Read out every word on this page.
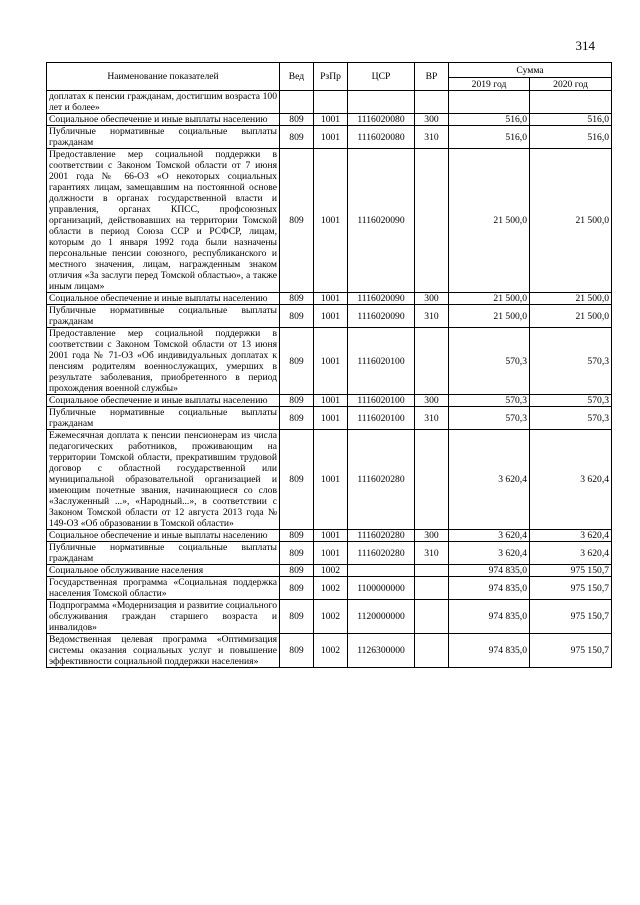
314
Наименование показателей	Вед	РзПр	ЦСР	ВР	Сумма	
					2019 год	2020 год
доплатах к пенсии гражданам, достигшим возраста 100 лет и более»						
Социальное обеспечение и иные выплаты населению	809	1001	1116020080	300	516,0	516,0
Публичные нормативные социальные выплаты гражданам	809	1001	1116020080	310	516,0	516,0
Предоставление мер социальной поддержки в соответствии с Законом Томской области от 7 июня 2001 года № 66-ОЗ «О некоторых социальных гарантиях лицам, замещавшим на постоянной основе должности в органах государственной власти и управления, органах КПСС, профсоюзных организаций, действовавших на территории Томской области в период Союза ССР и РСФСР, лицам, которым до 1 января 1992 года были назначены персональные пенсии союзного, республиканского и местного значения, лицам, награжденным знаком отличия «За заслуги перед Томской областью», а также иным лицам»	809	1001	1116020090		21 500,0	21 500,0
Социальное обеспечение и иные выплаты населению	809	1001	1116020090	300	21 500,0	21 500,0
Публичные нормативные социальные выплаты гражданам	809	1001	1116020090	310	21 500,0	21 500,0
Предоставление мер социальной поддержки в соответствии с Законом Томской области от 13 июня 2001 года № 71-ОЗ «Об индивидуальных доплатах к пенсиям родителям военнослужащих, умерших в результате заболевания, приобретенного в период прохождения военной службы»	809	1001	1116020100		570,3	570,3
Социальное обеспечение и иные выплаты населению	809	1001	1116020100	300	570,3	570,3
Публичные нормативные социальные выплаты гражданам	809	1001	1116020100	310	570,3	570,3
Ежемесячная доплата к пенсии пенсионерам из числа педагогических работников, проживающим на территории Томской области, прекратившим трудовой договор с областной государственной или муниципальной образовательной организацией и имеющим почетные звания, начинающиеся со слов «Заслуженный ...», «Народный...», в соответствии с Законом Томской области от 12 августа 2013 года № 149-ОЗ «Об образовании в Томской области»	809	1001	1116020280		3 620,4	3 620,4
Социальное обеспечение и иные выплаты населению	809	1001	1116020280	300	3 620,4	3 620,4
Публичные нормативные социальные выплаты гражданам	809	1001	1116020280	310	3 620,4	3 620,4
Социальное обслуживание населения	809	1002			974 835,0	975 150,7
Государственная программа «Социальная поддержка населения Томской области»	809	1002	1100000000		974 835,0	975 150,7
Подпрограмма «Модернизация и развитие социального обслуживания граждан старшего возраста и инвалидов»	809	1002	1120000000		974 835,0	975 150,7
Ведомственная целевая программа «Оптимизация системы оказания социальных услуг и повышение эффективности социальной поддержки населения»	809	1002	1126300000		974 835,0	975 150,7
